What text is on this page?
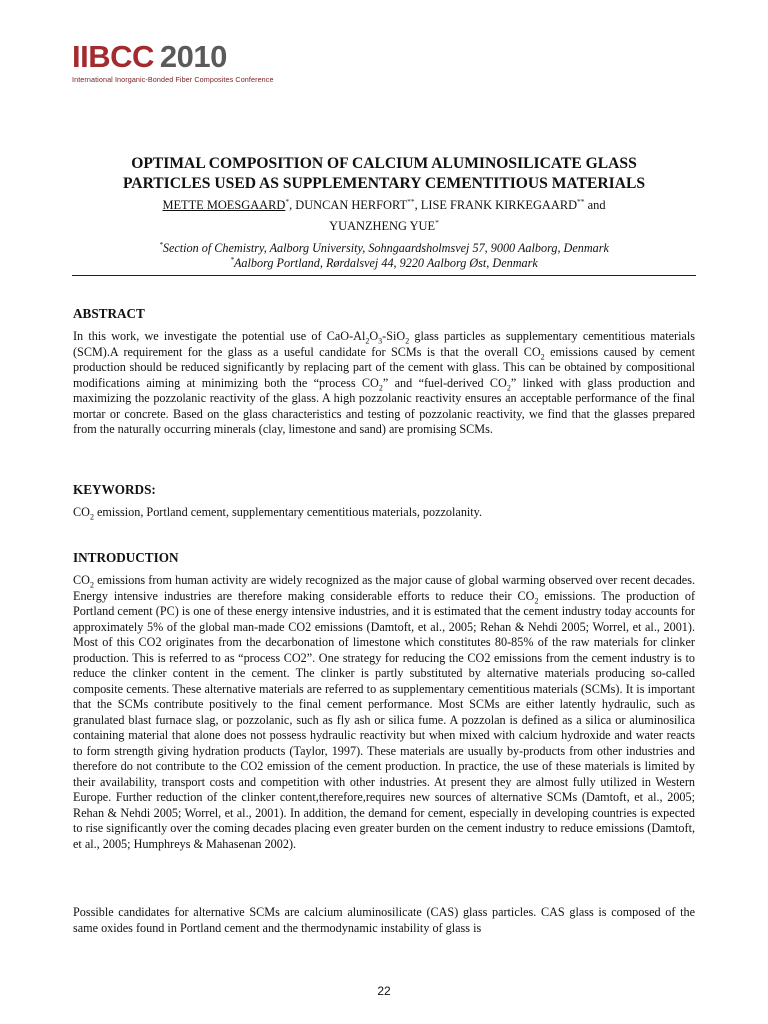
IIBCC 2010
International Inorganic-Bonded Fiber Composites Conference
OPTIMAL COMPOSITION OF CALCIUM ALUMINOSILICATE GLASS
PARTICLES USED AS SUPPLEMENTARY CEMENTITIOUS MATERIALS
METTE MOESGAARD*, DUNCAN HERFORT**, LISE FRANK KIRKEGAARD** and
YUANZHENG YUE*
*Section of Chemistry, Aalborg University, Sohngaardsholmsvej 57, 9000 Aalborg, Denmark
*Aalborg Portland, Rørdalsvej 44, 9220 Aalborg Øst, Denmark
ABSTRACT

In this work, we investigate the potential use of CaO-$Al_2O_3-SiO_2$ glass particles as supplementary cementitious materials (SCM).A requirement for the glass as a useful candidate for SCMs is that the overall $CO_2$ emissions caused by cement production should be reduced significantly by replacing part of the cement with glass. This can be obtained by compositional modifications aiming at minimizing both the “process $CO_2$” and “fuel-derived $CO_2$” linked with glass production and maximizing the pozzolanic reactivity of the glass. A high pozzolanic reactivity ensures an acceptable performance of the final mortar or concrete. Based on the glass characteristics and testing of pozzolanic reactivity, we find that the glasses prepared from the naturally occurring minerals (clay, limestone and sand) are promising SCMs.

KEYWORDS:

$CO_2$ emission, Portland cement, supplementary cementitious materials, pozzolanity.

INTRODUCTION

$CO_2$ emissions from human activity are widely recognized as the major cause of global warming observed over recent decades. Energy intensive industries are therefore making considerable efforts to reduce their $CO_2$ emissions. The production of Portland cement (PC) is one of these energy intensive industries, and it is estimated that the cement industry today accounts for approximately 5% of the global man-made CO2 emissions (Damtoft, et al., 2005; Rehan & Nehdi 2005; Worrel, et al., 2001). Most of this CO2 originates from the decarbonation of limestone which constitutes 80-85% of the raw materials for clinker production. This is referred to as “process CO2”. One strategy for reducing the CO2 emissions from the cement industry is to reduce the clinker content in the cement. The clinker is partly substituted by alternative materials producing so-called composite cements. These alternative materials are referred to as supplementary cementitious materials (SCMs). It is important that the SCMs contribute positively to the final cement performance. Most SCMs are either latently hydraulic, such as granulated blast furnace slag, or pozzolanic, such as fly ash or silica fume. A pozzolan is defined as a silica or aluminosilica containing material that alone does not possess hydraulic reactivity but when mixed with calcium hydroxide and water reacts to form strength giving hydration products (Taylor, 1997). These materials are usually by-products from other industries and therefore do not contribute to the CO2 emission of the cement production. In practice, the use of these materials is limited by their availability, transport costs and competition with other industries. At present they are almost fully utilized in Western Europe. Further reduction of the clinker content,therefore,requires new sources of alternative SCMs (Damtoft, et al., 2005; Rehan & Nehdi 2005; Worrel, et al., 2001). In addition, the demand for cement, especially in developing countries is expected to rise significantly over the coming decades placing even greater burden on the cement industry to reduce emissions (Damtoft, et al., 2005; Humphreys & Mahasenan 2002).

Possible candidates for alternative SCMs are calcium aluminosilicate (CAS) glass particles. CAS glass is composed of the same oxides found in Portland cement and the thermodynamic instability of glass is

22
